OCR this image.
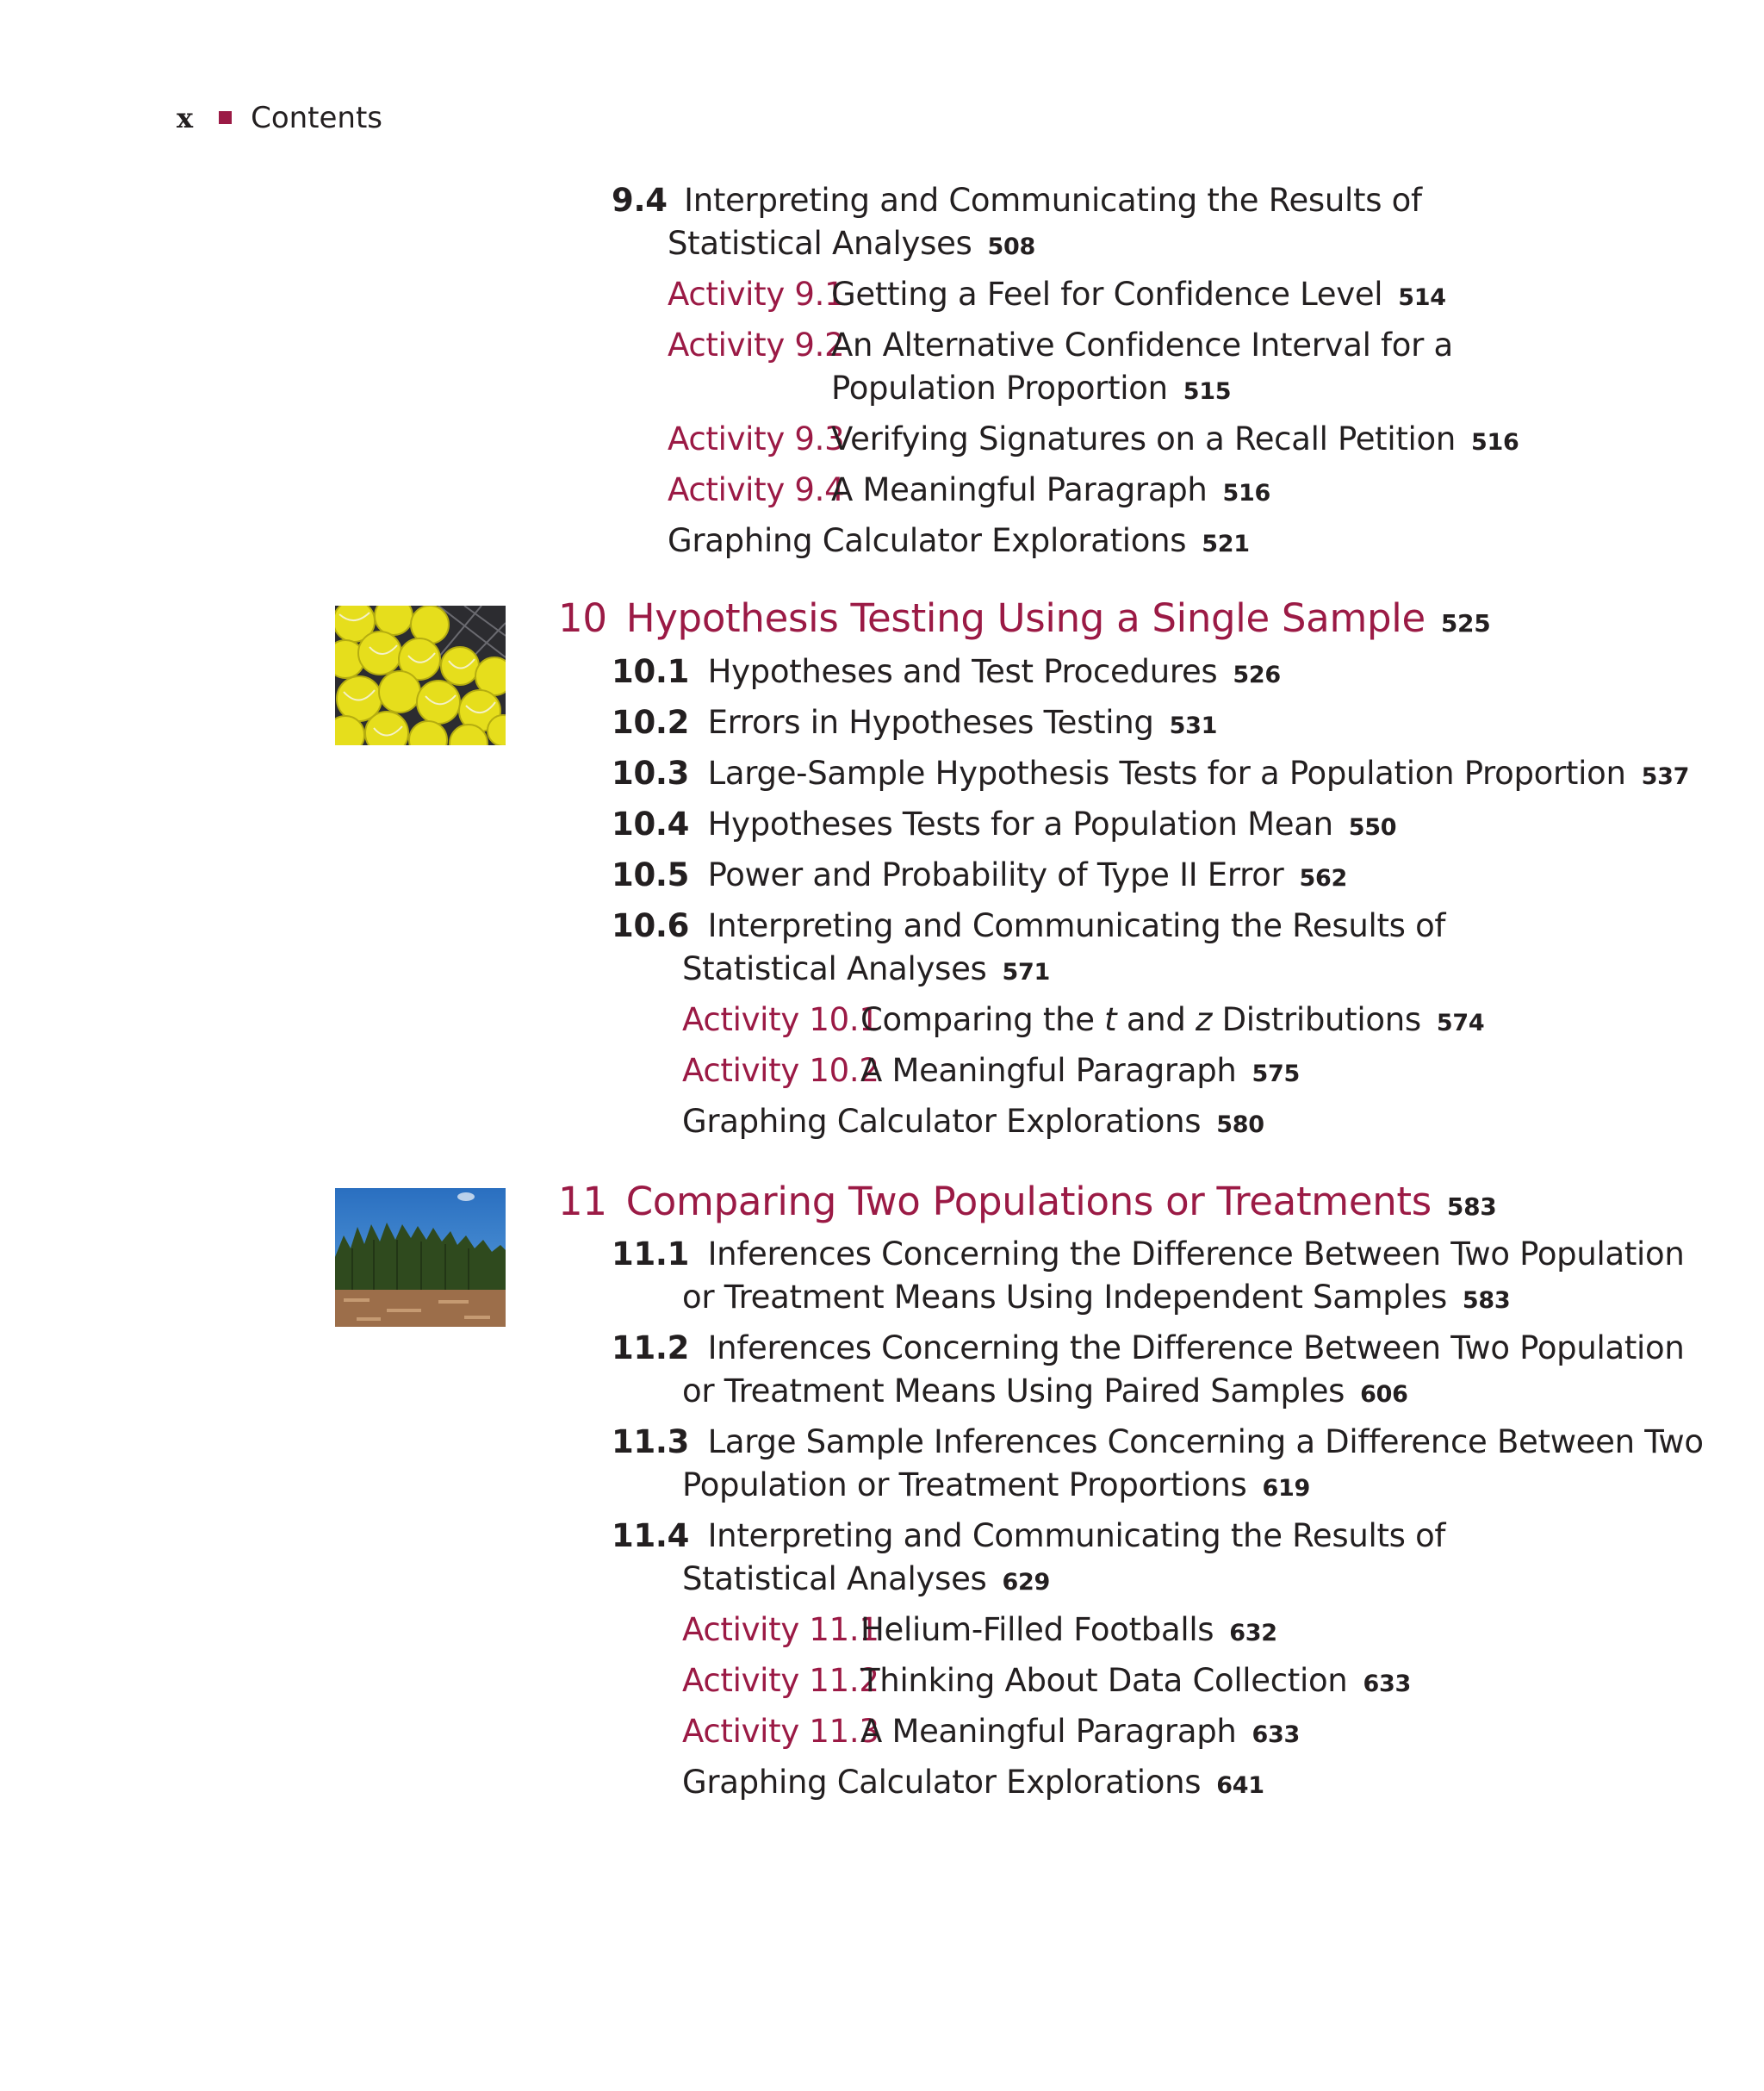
x Contents
9.4 Interpreting and Communicating the Results of
Statistical Analyses 508
Activity 9.1
Getting a Feel for Confidence Level 514
Activity 9.2
An Alternative Confidence Interval for a
Population Proportion 515
Activity 9.3
Verifying Signatures on a Recall Petition 516
Activity 9.4
A Meaningful Paragraph 516
Graphing Calculator Explorations 521
10 Hypothesis Testing Using a Single Sample 525
10.1 Hypotheses and Test Procedures 526
10.2 Errors in Hypotheses Testing 531
10.3 Large-Sample Hypothesis Tests for a Population Proportion 537
10.4 Hypotheses Tests for a Population Mean 550
10.5 Power and Probability of Type II Error 562
10.6 Interpreting and Communicating the Results of
Statistical Analyses 571
Activity 10.1
Comparing the t and z Distributions 574
Activity 10.2
A Meaningful Paragraph 575
Graphing Calculator Explorations 580
11 Comparing Two Populations or Treatments 583
11.1 Inferences Concerning the Difference Between Two Population
or Treatment Means Using Independent Samples 583
11.2 Inferences Concerning the Difference Between Two Population
or Treatment Means Using Paired Samples 606
11.3 Large Sample Inferences Concerning a Difference Between Two
Population or Treatment Proportions 619
11.4 Interpreting and Communicating the Results of
Statistical Analyses 629
Activity 11.1
Helium-Filled Footballs 632
Activity 11.2
Thinking About Data Collection 633
Activity 11.3
A Meaningful Paragraph 633
Graphing Calculator Explorations 641
